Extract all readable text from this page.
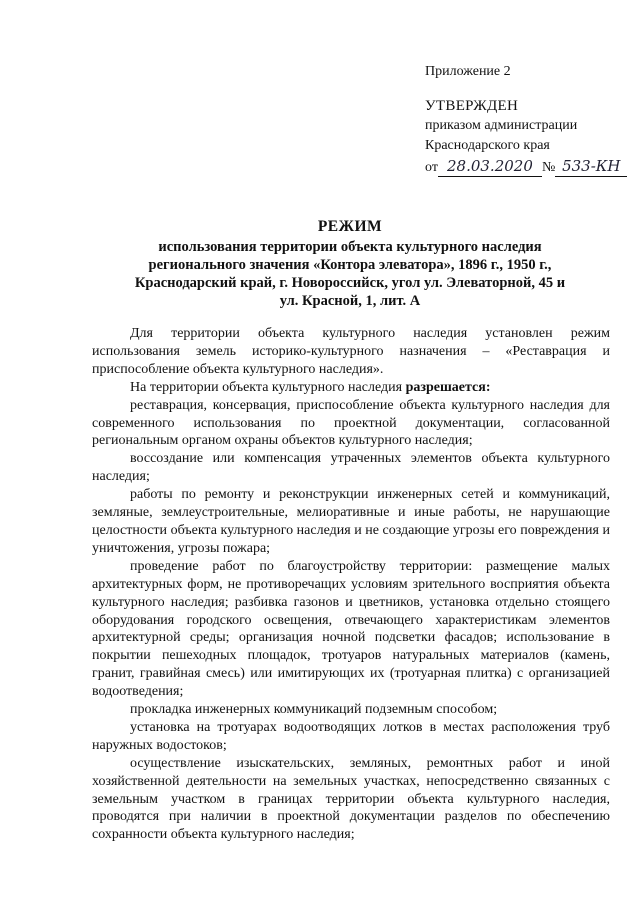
Приложение 2
УТВЕРЖДЕН
приказом администрации
Краснодарского края
от 28.03.2020 № 533-КН
РЕЖИМ
использования территории объекта культурного наследия
регионального значения «Контора элеватора», 1896 г., 1950 г.,
Краснодарский край, г. Новороссийск, угол ул. Элеваторной, 45 и
ул. Красной, 1, лит. А

Для территории объекта культурного наследия установлен режим использования земель историко-культурного назначения – «Реставрация и приспособление объекта культурного наследия».

На территории объекта культурного наследия разрешается:

реставрация, консервация, приспособление объекта культурного наследия для современного использования по проектной документации, согласованной региональным органом охраны объектов культурного наследия;

воссоздание или компенсация утраченных элементов объекта культурного наследия;

работы по ремонту и реконструкции инженерных сетей и коммуникаций, земляные, землеустроительные, мелиоративные и иные работы, не нарушающие целостности объекта культурного наследия и не создающие угрозы его повреждения и уничтожения, угрозы пожара;

проведение работ по благоустройству территории: размещение малых архитектурных форм, не противоречащих условиям зрительного восприятия объекта культурного наследия; разбивка газонов и цветников, установка отдельно стоящего оборудования городского освещения, отвечающего характеристикам элементов архитектурной среды; организация ночной подсветки фасадов; использование в покрытии пешеходных площадок, тротуаров натуральных материалов (камень, гранит, гравийная смесь) или имитирующих их (тротуарная плитка) с организацией водоотведения;

прокладка инженерных коммуникаций подземным способом;

установка на тротуарах водоотводящих лотков в местах расположения труб наружных водостоков;

осуществление изыскательских, земляных, ремонтных работ и иной хозяйственной деятельности на земельных участках, непосредственно связанных с земельным участком в границах территории объекта культурного наследия, проводятся при наличии в проектной документации разделов по обеспечению сохранности объекта культурного наследия;
